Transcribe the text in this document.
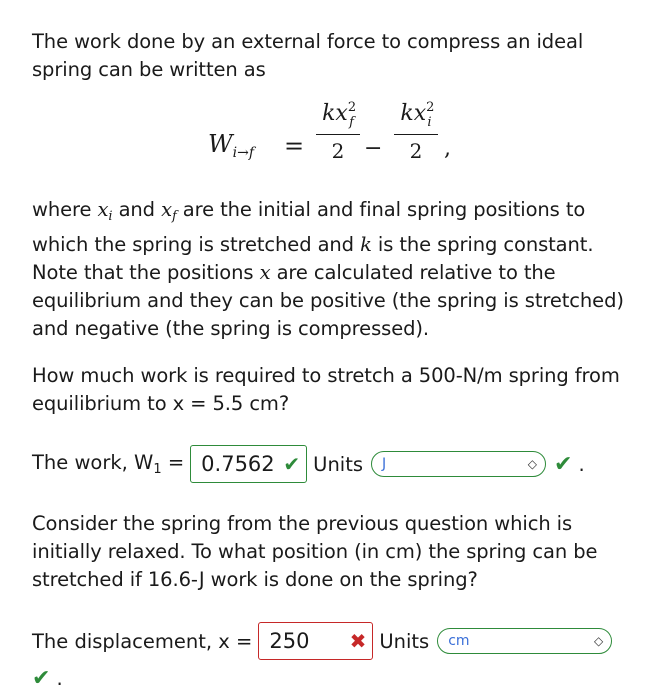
The work done by an external force to compress an ideal spring can be written as
$W_{i\to f}$ =
$kx^2_f$
2 −
$kx^2_i$
2 ,
where $x_i$ and $x_f$ are the initial and final spring positions to which the spring is stretched and k is the spring constant. Note that the positions x are calculated relative to the equilibrium and they can be positive (the spring is stretched) and negative (the spring is compressed).
How much work is required to stretch a 500-N/m spring from equilibrium to x = 5.5 cm?
The work, $W_1 = 0.7562$ ✔ Units J	◇ ✔ .
Consider the spring from the previous question which is initially relaxed. To what position (in cm) the spring can be stretched if 16.6-J work is done on the spring?
The displacement, x = 250 ✖ Units cm	◇
✔ .
